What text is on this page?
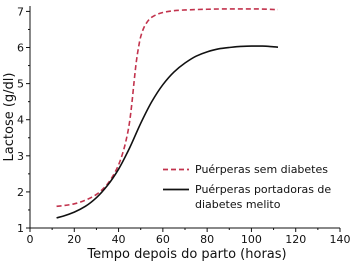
0	20	40	60	80 100 120 140
1
2
3
4
5
6
7
Lactose (g/dl)
Tempo depois do parto (horas)
Puérperas sem diabetes
Puérperas portadoras de diabetes melito
